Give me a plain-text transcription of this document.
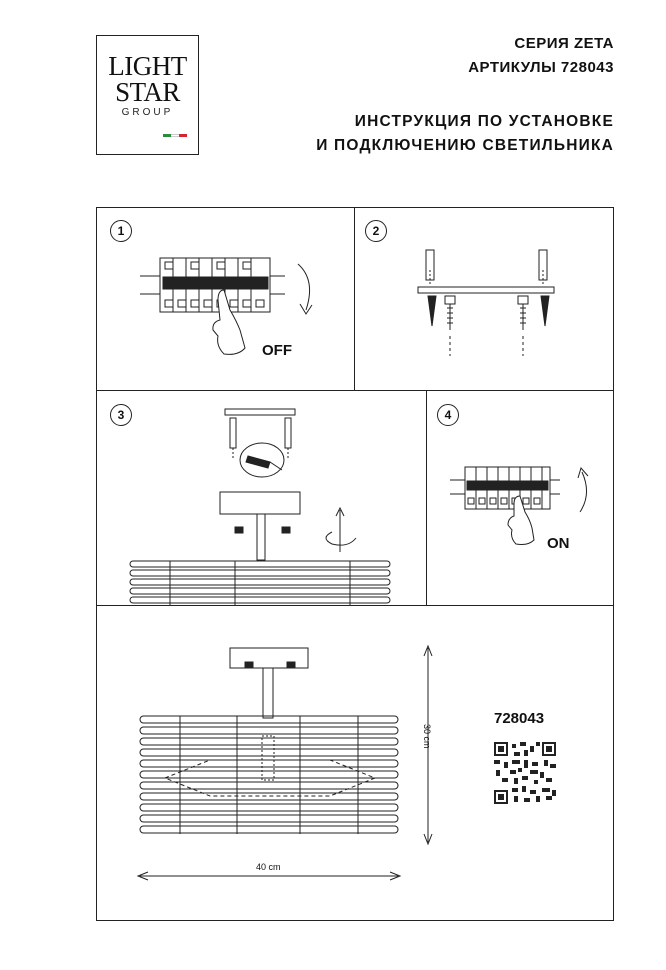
LIGHT
STAR
GROUP
СЕРИЯ ZETA
АРТИКУЛЫ 728043
ИНСТРУКЦИЯ ПО УСТАНОВКЕ
И ПОДКЛЮЧЕНИЮ СВЕТИЛЬНИКА
1	2
3	4
OFF
ON
728043
30 cm
40 cm
